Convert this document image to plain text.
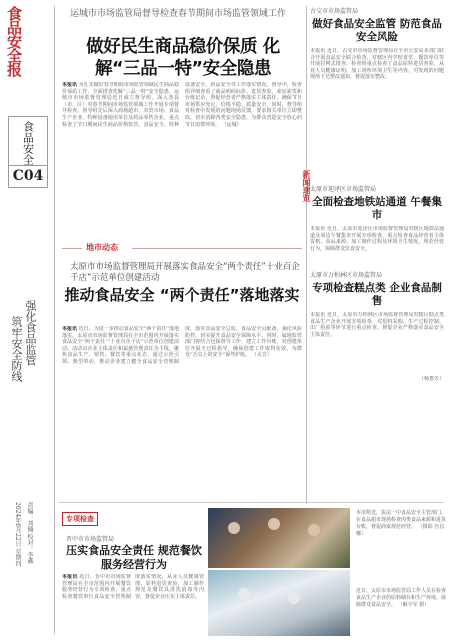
食品安全报
食品安全
C04
强化食品监管
筑牢安全防线
责编：刘楠 校对：李鑫
2024年6月22日 星期四
运城市市场监管局督导检查春节期间市场监管领域工作
做好民生商品稳价保质 化解“三品一特”安全隐患
本报讯 为扎实做好春节期间市场监管领域民生商品稳价保质工作，全面排查化解“三品一特”安全隐患，运城市市场监督管理局近日成立督导组，深入各县（市、区）对春节期间市场监管领域工作开展专项督导检查。督导组先后深入商场超市、农贸市场、食品生产企业、特种设备使用单位及药品零售企业，重点检查了节日期间民生商品价格监管、食品安全、特种设备安全、药品安全等工作落实情况。督导中，检查组详细查看了商品明码标价、进货查验、索证索票和台账记录，督促经营者严格落实主体责任，确保节日市场供应充足、价格平稳、质量安全。同时，督导组对检查中发现的问题现场反馈，要求相关单位立即整改，切实消除各类安全隐患，为群众营造安全放心的节日消费环境。 （运城）
地市动态
太原市市场监督管理局开展落实食品安全“两个责任”十业百企千店”示范单位创建活动
推动食品安全 “两个责任”落地落实
本报讯 近日，为进一步推动食品安全“两个责任”落地落实，太原市市场监督管理局在全市范围内开展落实食品安全“两个责任”“十业百企千店”示范单位创建活动。活动以企业主体责任和属地管理责任为主线，聚焦食品生产、销售、餐饮等重点业态，通过示范引领、典型带动，推动企业建立健全食品安全管理制度，落实食品安全总监、食品安全员配备，强化风险防控，切实提升食品安全保障水平。同时，属地监管部门将结合包保督导工作，建立工作台账，对创建单位开展全过程指导，确保创建工作取得实效，为群众“舌尖上的安全”保驾护航。 （太宣）
古交市市场监管局
做好食品安全监管 防范食品安全风险
本报讯 近日，古交市市场监督管理局在全市公安局多部门联合开展食品安全联合检查，对辖区内学校食堂、餐饮单位等开展拉网式排查。检查组重点检查了食品原料进货查验、从业人员健康证明、加工场所环境卫生等内容。对发现的问题现场下达整改通知，督促落实整改。
新闻速览 太原市迎泽区市场监管局
全面检查地铁站通道 午餐集市
本报讯 近日，太原市迎泽区市场监督管理局对辖区地铁站通道及周边午餐集市开展专项检查，重点检查食品经营者主体资格、食品来源、加工制作过程及环境卫生情况，规范经营行为，保障群众饮食安全。
太原市万柏林区市场监管局
专项检查糕点类 企业食品制售
本报讯 近日，太原市万柏林区市场监督管理局对辖区糕点类食品生产企业开展专项检查，对原料采购、生产过程控制、出厂检验等环节进行重点检查，督促企业严格落实食品安全主体责任。
（杨惠芳）
专项检查
晋中市市场监管局
压实食品安全责任 规范餐饮服务经营行为
本报讯 近日，晋中市市场监督管理局在全市范围内开展餐饮服务经营行为专项检查，重点检查餐饮单位食品安全管理制度落实情况、从业人员健康管理、原料进货查验、加工制作规范及餐饮具清洗消毒等内容，督促企业压实主体责任。
本市附近，执法一中食品安全主管部门，在食品超市现场检查肉类食品来源和进货台账，督促商家规范经营。 （摄影 宫昌娜）
近日，太原市市场监管局工作人员在检查食品生产企业的原料储存和生产环境，保障群众食品安全。 （解宇军 摄）
